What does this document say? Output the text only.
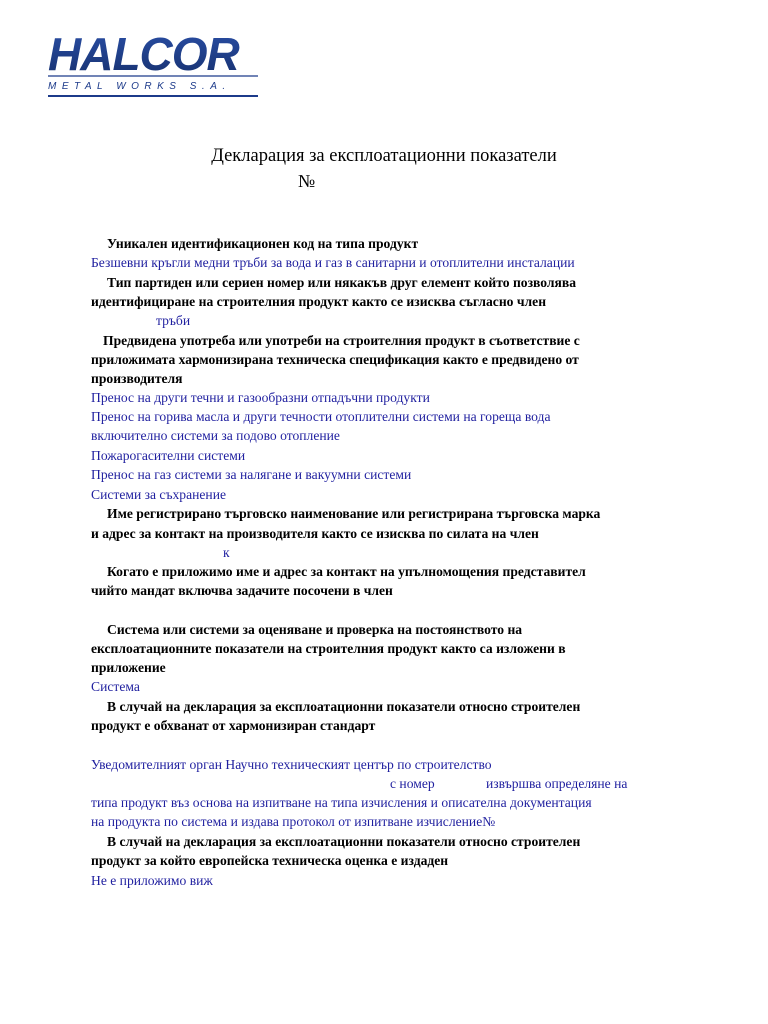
HALCOR
METAL WORKS S.A.
Декларация за експлоатационни показатели
№
Уникален идентификационен код на типа продукт
Безшевни кръгли медни тръби за вода и газ в санитарни и отоплителни инсталации
Тип партиден или сериен номер или някакъв друг елемент който позволява
идентифициране на строителния продукт както се изисква съгласно член
тръби
Предвидена употреба или употреби на строителния продукт в съответствие с
приложимата хармонизирана техническа спецификация както е предвидено от
производителя
Пренос на други течни и газообразни отпадъчни продукти
Пренос на горива масла и други течности отоплителни системи на гореща вода
включително системи за подово отопление
Пожарогасителни системи
Пренос на газ системи за налягане и вакуумни системи
Системи за съхранение
Име регистрирано търговско наименование или регистрирана търговска марка
и адрес за контакт на производителя както се изисква по силата на член
к
Когато е приложимо име и адрес за контакт на упълномощения представител
чийто мандат включва задачите посочени в член
Система или системи за оценяване и проверка на постоянството на
експлоатационните показатели на строителния продукт както са изложени в
приложение
Система
В случай на декларация за експлоатационни показатели относно строителен
продукт е обхванат от хармонизиран стандарт
Уведомителният орган Научно техническият център по строителство
с номер	извършва определяне на
типа продукт въз основа на изпитване на типа изчисления и описателна документация
на продукта по система и издава протокол от изпитване изчисление№
В случай на декларация за експлоатационни показатели относно строителен
продукт за който европейска техническа оценка е издаден
Не е приложимо виж
